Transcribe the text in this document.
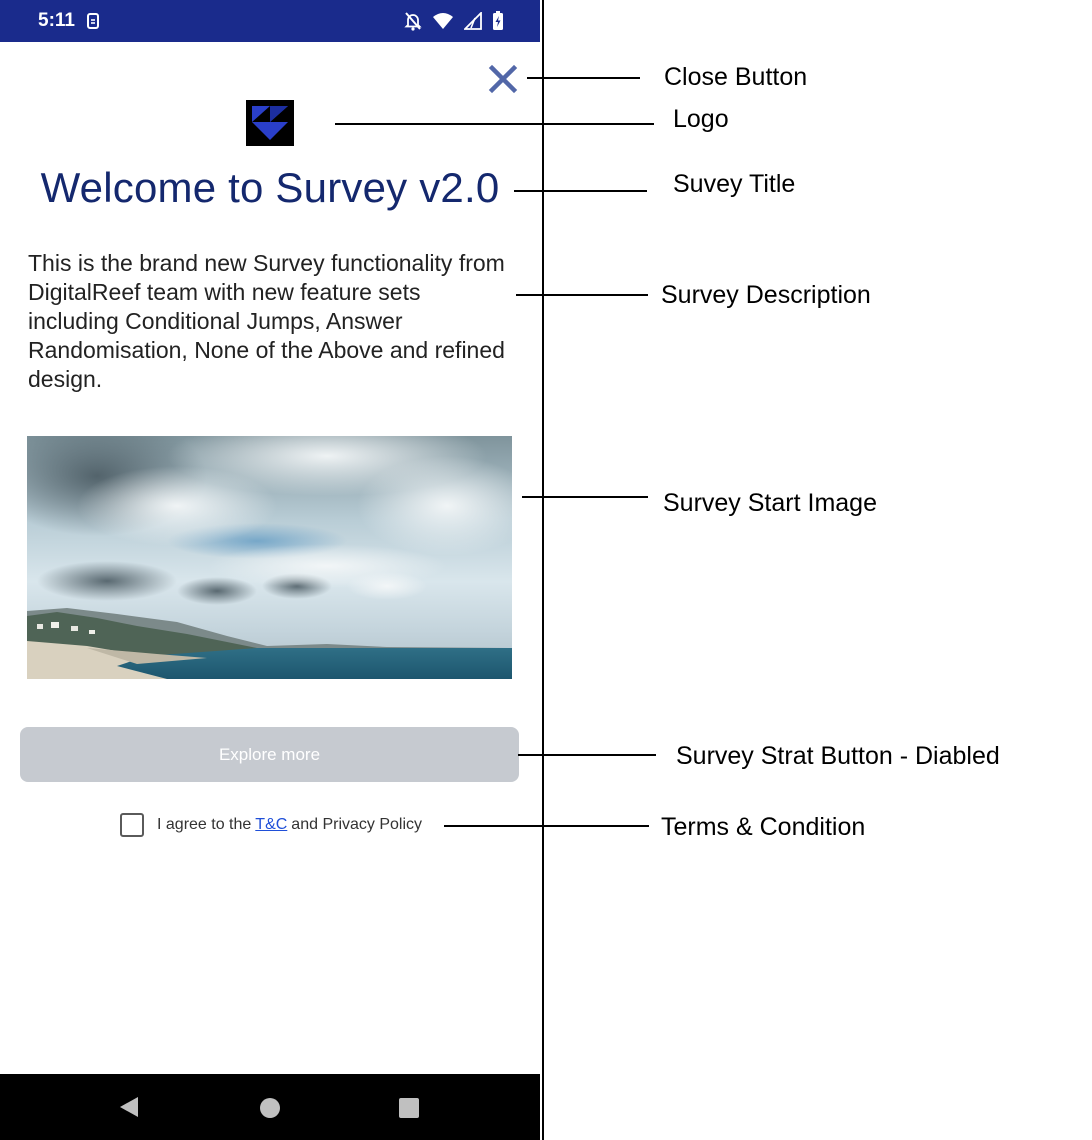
5:11
Welcome to Survey v2.0

This is the brand new Survey functionality from DigitalReef team with new feature sets including Conditional Jumps, Answer Randomisation, None of the Above and refined design.

Explore more
I agree to the T&C and Privacy Policy
Close Button
Logo
Suvey Title
Survey Description
Survey Start Image
Survey Strat Button - Diabled
Terms & Condition
